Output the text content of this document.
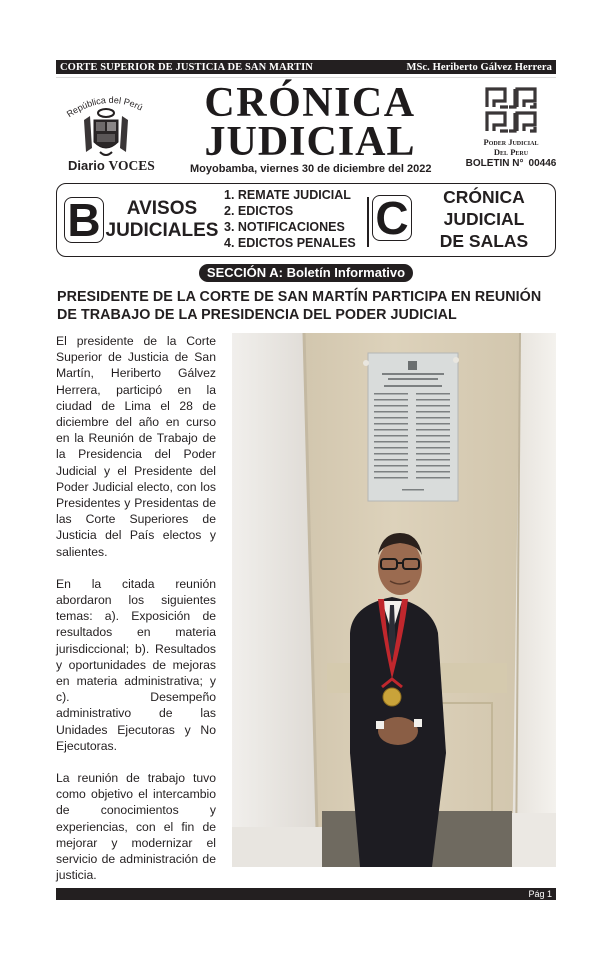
CORTE SUPERIOR DE JUSTICIA DE SAN MARTIN	MSc. Heriberto Gálvez Herrera
República del Perú
Diario VOCES
CRÓNICA
JUDICIAL
Moyobamba, viernes 30 de diciembre del 2022
Poder Judicial
Del Peru
BOLETIN N° 00446
B	AVISOS
JUDICIALES
1. REMATE JUDICIAL
2. EDICTOS
3. NOTIFICACIONES
4. EDICTOS PENALES C	CRÓNICA
JUDICIAL
DE SALAS
SECCIÓN A: Boletín Informativo
PRESIDENTE DE LA CORTE DE SAN MARTÍN PARTICIPA EN REUNIÓN
DE TRABAJO DE LA PRESIDENCIA DEL PODER JUDICIAL

El presidente de la Corte Superior de Justicia de San Martín, Heriberto Gálvez Herrera, participó en la ciudad de Lima el 28 de diciembre del año en curso en la Reunión de Trabajo de la Presidencia del Poder Judicial y el Presidente del Poder Judicial electo, con los Presidentes y Presidentas de las Corte Superiores de Justicia del País electos y salientes.

En la citada reunión abordaron los siguientes temas: a). Exposición de resultados en materia jurisdiccional; b). Resultados y oportunidades de mejoras en materia administrativa; y c). Desempeño administrativo de las Unidades Ejecutoras y No Ejecutoras.

La reunión de trabajo tuvo como objetivo el intercambio de conocimientos y experiencias, con el fin de mejorar y modernizar el servicio de administración de justicia.

Pág 1
